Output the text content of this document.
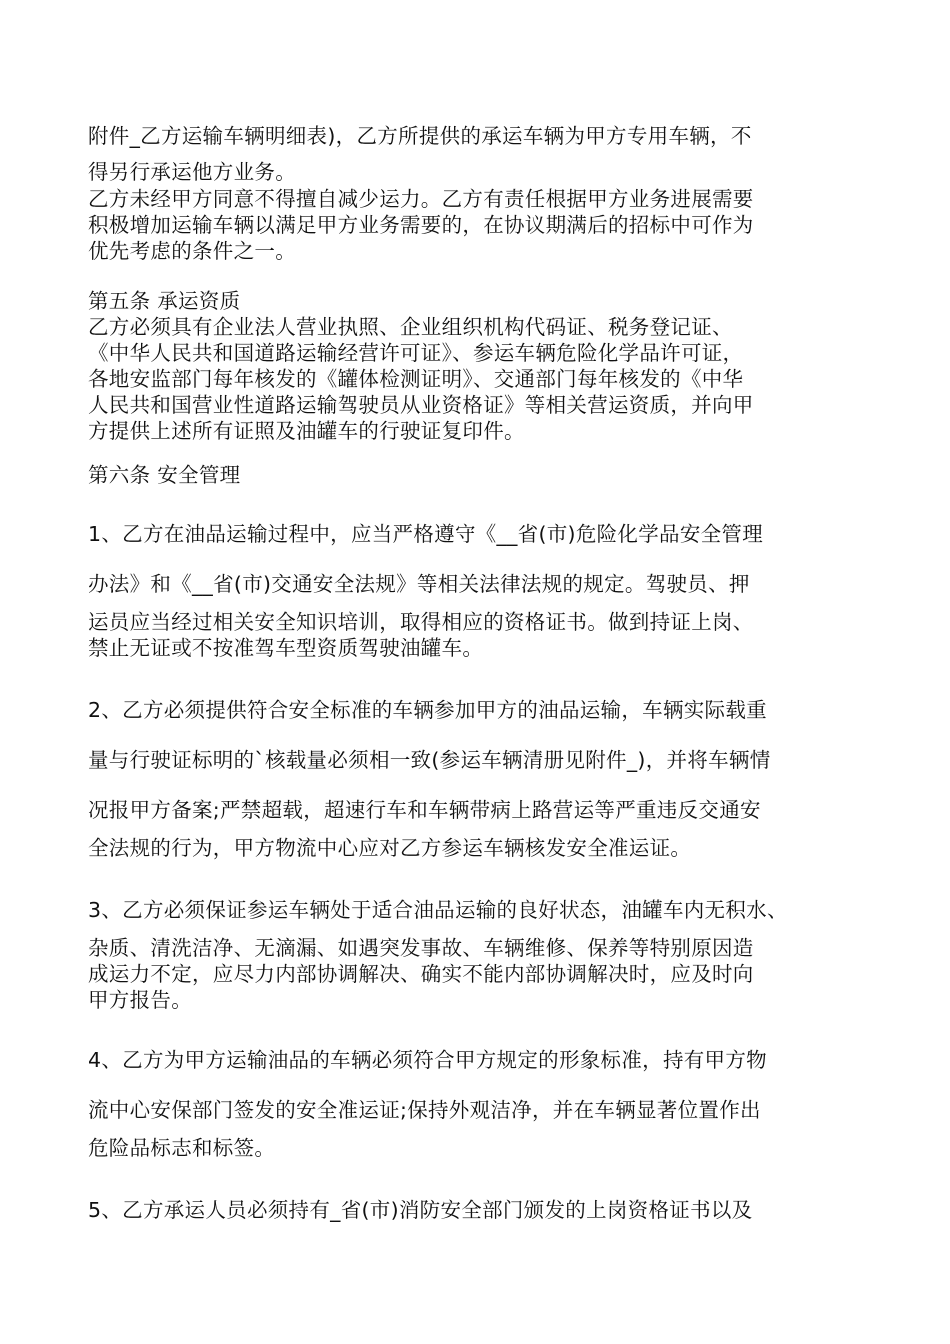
附件_乙方运输车辆明细表)，乙方所提供的承运车辆为甲方专用车辆，不
得另行承运他方业务。
乙方未经甲方同意不得擅自减少运力。乙方有责任根据甲方业务进展需要
积极增加运输车辆以满足甲方业务需要的，在协议期满后的招标中可作为
优先考虑的条件之一。
第五条 承运资质
乙方必须具有企业法人营业执照、企业组织机构代码证、税务登记证、
《中华人民共和国道路运输经营许可证》、参运车辆危险化学品许可证，
各地安监部门每年核发的《罐体检测证明》、交通部门每年核发的《中华
人民共和国营业性道路运输驾驶员从业资格证》等相关营运资质，并向甲
方提供上述所有证照及油罐车的行驶证复印件。
第六条 安全管理
1、乙方在油品运输过程中，应当严格遵守《__省(市)危险化学品安全管理
办法》和《__省(市)交通安全法规》等相关法律法规的规定。驾驶员、押
运员应当经过相关安全知识培训，取得相应的资格证书。做到持证上岗、
禁止无证或不按准驾车型资质驾驶油罐车。
2、乙方必须提供符合安全标准的车辆参加甲方的油品运输，车辆实际载重
量与行驶证标明的`核载量必须相一致(参运车辆清册见附件_)，并将车辆情
况报甲方备案;严禁超载，超速行车和车辆带病上路营运等严重违反交通安
全法规的行为，甲方物流中心应对乙方参运车辆核发安全准运证。
3、乙方必须保证参运车辆处于适合油品运输的良好状态，油罐车内无积水、
杂质、清洗洁净、无滴漏、如遇突发事故、车辆维修、保养等特别原因造
成运力不定，应尽力内部协调解决、确实不能内部协调解决时，应及时向
甲方报告。
4、乙方为甲方运输油品的车辆必须符合甲方规定的形象标准，持有甲方物
流中心安保部门签发的安全准运证;保持外观洁净，并在车辆显著位置作出
危险品标志和标签。
5、乙方承运人员必须持有_省(市)消防安全部门颁发的上岗资格证书以及
